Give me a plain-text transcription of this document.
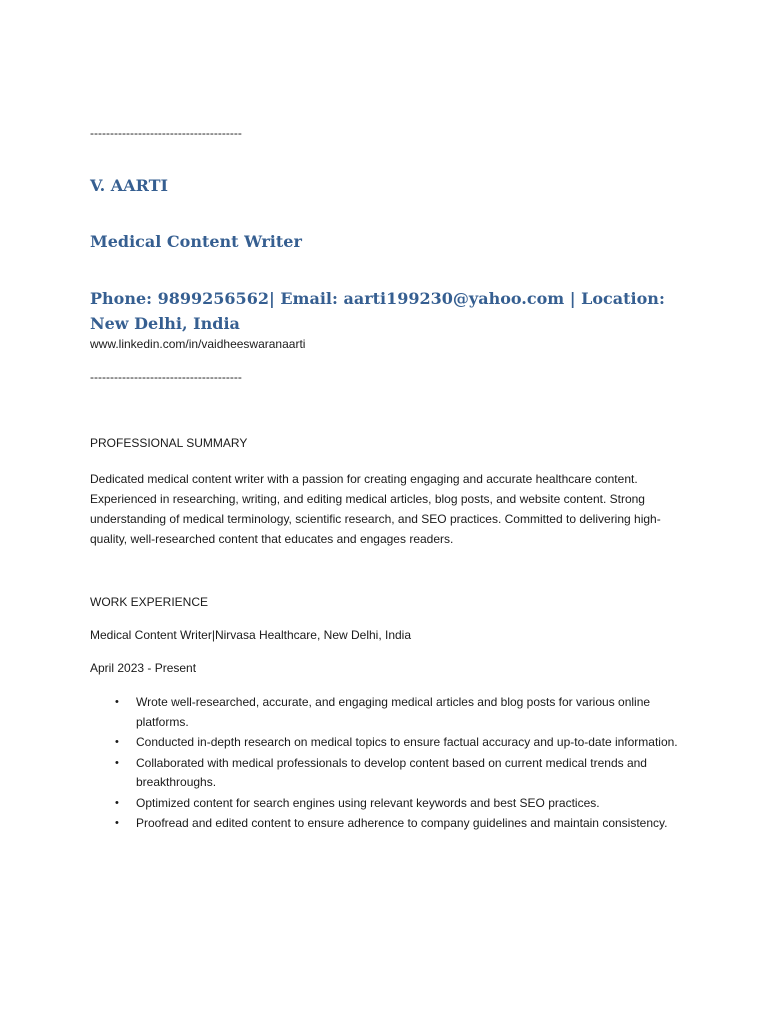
--------------------------------------
V. AARTI
Medical Content Writer
Phone: 9899256562| Email: aarti199230@yahoo.com | Location: New Delhi, India
www.linkedin.com/in/vaidheeswaranaarti
--------------------------------------
PROFESSIONAL SUMMARY

Dedicated medical content writer with a passion for creating engaging and accurate healthcare content. Experienced in researching, writing, and editing medical articles, blog posts, and website content. Strong understanding of medical terminology, scientific research, and SEO practices. Committed to delivering high-quality, well-researched content that educates and engages readers.

WORK EXPERIENCE
Medical Content Writer|Nirvasa Healthcare, New Delhi, India
April 2023 - Present
• Wrote well-researched, accurate, and engaging medical articles and blog posts for various online platforms.
• Conducted in-depth research on medical topics to ensure factual accuracy and up-to-date information.
• Collaborated with medical professionals to develop content based on current medical trends and breakthroughs.
• Optimized content for search engines using relevant keywords and best SEO practices.
• Proofread and edited content to ensure adherence to company guidelines and maintain consistency.
